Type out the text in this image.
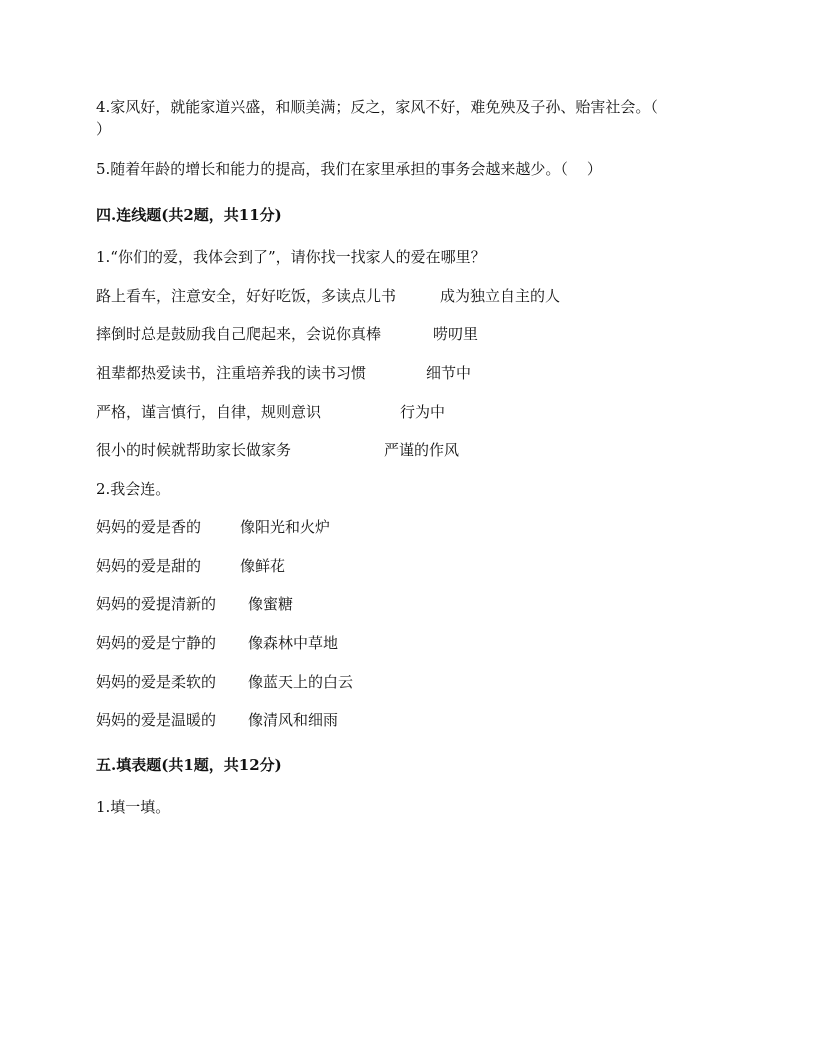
4.家风好，就能家道兴盛，和顺美满；反之，家风不好，难免殃及子孙、贻害社会。（

）

5.随着年龄的增长和能力的提高，我们在家里承担的事务会越来越少。（    ）

四.连线题(共2题，共11分)

1.“你们的爱，我体会到了”，请你找一找家人的爱在哪里？

路上看车，注意安全，好好吃饭，多读点儿书	成为独立自主的人

摔倒时总是鼓励我自己爬起来，会说你真棒	唠叨里

祖辈都热爱读书，注重培养我的读书习惯	细节中

严格，谨言慎行，自律，规则意识	行为中

很小的时候就帮助家长做家务	严谨的作风

2.我会连。

妈妈的爱是香的	像阳光和火炉

妈妈的爱是甜的	像鲜花

妈妈的爱提清新的 像蜜糖

妈妈的爱是宁静的 像森林中草地

妈妈的爱是柔软的 像蓝天上的白云

妈妈的爱是温暖的 像清风和细雨

五.填表题(共1题，共12分)

1.填一填。
